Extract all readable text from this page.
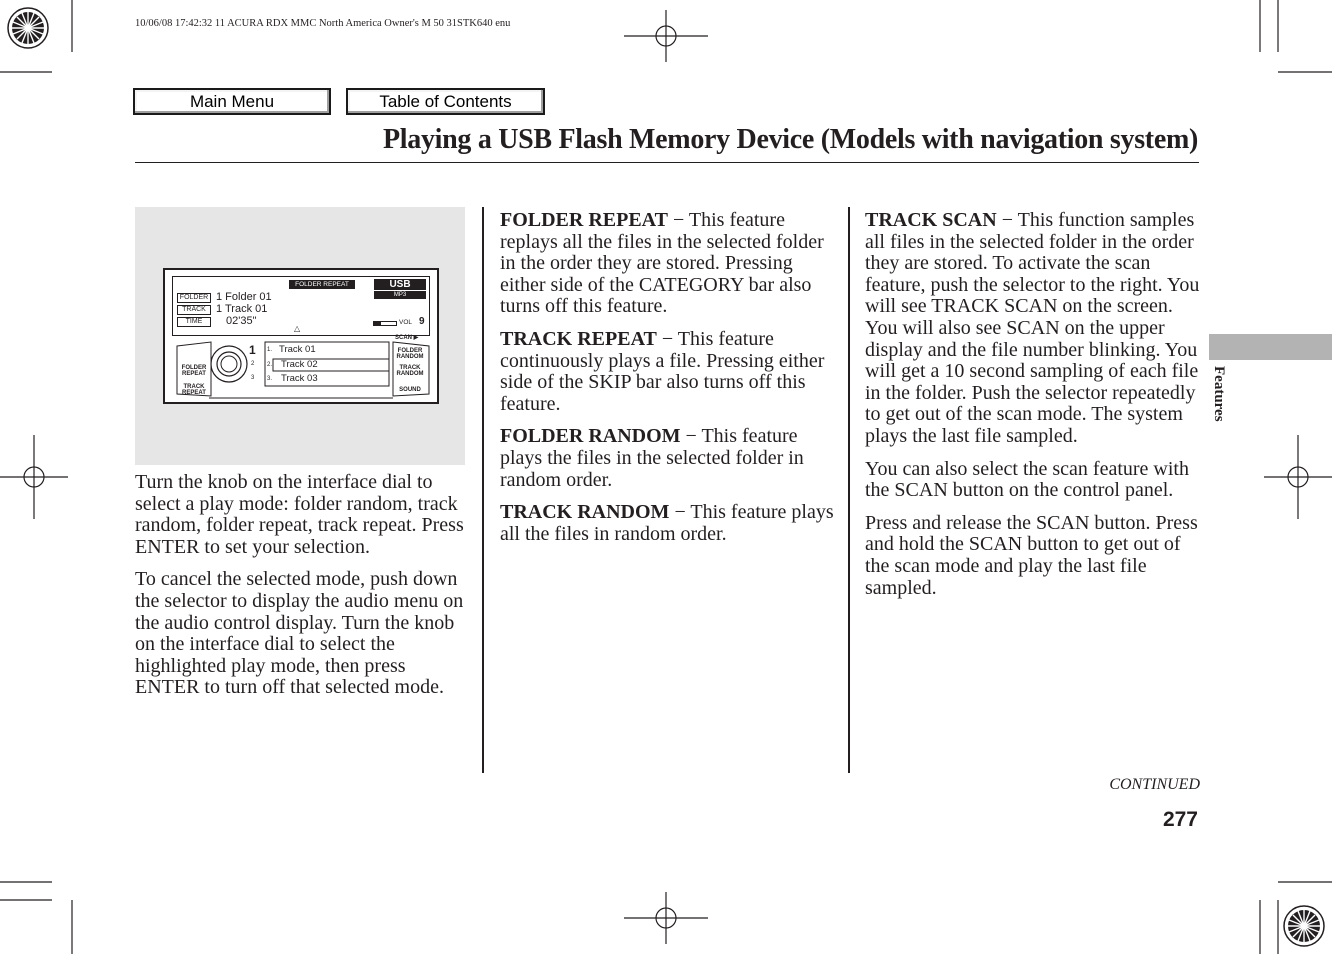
10/06/08 17:42:32 11 ACURA RDX MMC North America Owner's M 50 31STK640 enu
Main Menu	Table of Contents
Playing a USB Flash Memory Device (Models with navigation system)
Features
FOLDER
TRACK
TIME
1 Folder 01
1 Track 01
02'35"
FOLDER REPEAT	USB
MP3
VOL 9
△
SCAN ▶
1
2
3
1. Track 01
2. Track 02
3. Track 03
FOLDER REPEAT
TRACK REPEAT
FOLDER RANDOM
TRACK RANDOM
SOUND

Turn the knob on the interface dial to select a play mode: folder random, track random, folder repeat, track repeat. Press ENTER to set your selection.

To cancel the selected mode, push down the selector to display the audio menu on the audio control display. Turn the knob on the interface dial to select the highlighted play mode, then press ENTER to turn off that selected mode.

FOLDER REPEAT − This feature replays all the files in the selected folder in the order they are stored. Pressing either side of the CATEGORY bar also turns off this feature.

TRACK REPEAT − This feature continuously plays a file. Pressing either side of the SKIP bar also turns off this feature.

FOLDER RANDOM − This feature plays the files in the selected folder in random order.

TRACK RANDOM − This feature plays all the files in random order.

TRACK SCAN − This function samples all files in the selected folder in the order they are stored. To activate the scan feature, push the selector to the right. You will see TRACK SCAN on the screen. You will also see SCAN on the upper display and the file number blinking. You will get a 10 second sampling of each file in the folder. Push the selector repeatedly to get out of the scan mode. The system plays the last file sampled.

You can also select the scan feature with the SCAN button on the control panel.

Press and release the SCAN button. Press and hold the SCAN button to get out of the scan mode and play the last file sampled.

CONTINUED
277
